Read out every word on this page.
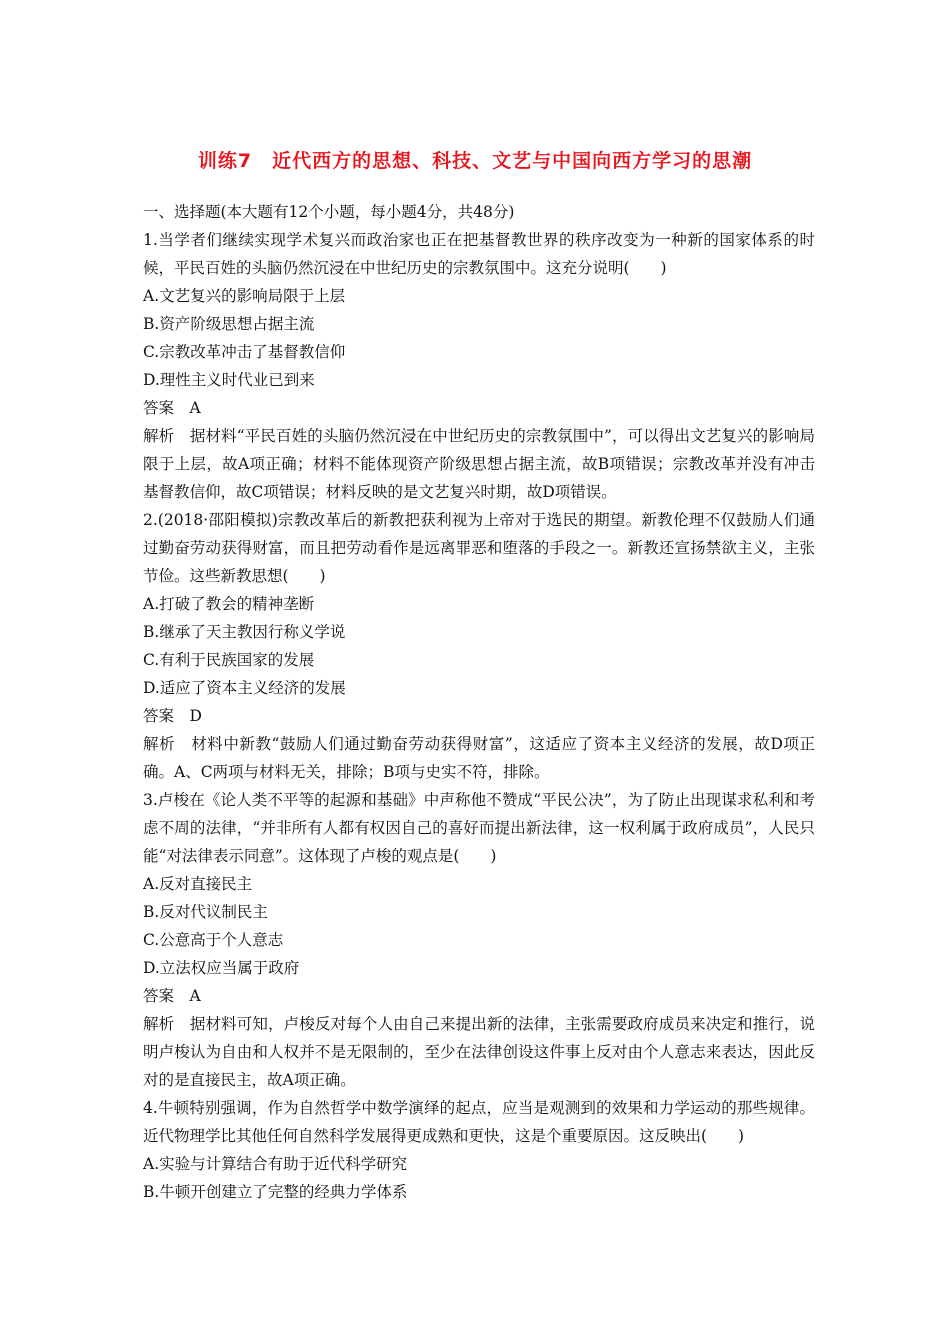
训练7　近代西方的思想、科技、文艺与中国向西方学习的思潮
一、选择题(本大题有12个小题，每小题4分，共48分)
1.当学者们继续实现学术复兴而政治家也正在把基督教世界的秩序改变为一种新的国家体系的时候，平民百姓的头脑仍然沉浸在中世纪历史的宗教氛围中。这充分说明(　　)
A.文艺复兴的影响局限于上层
B.资产阶级思想占据主流
C.宗教改革冲击了基督教信仰
D.理性主义时代业已到来
答案　A
解析　据材料“平民百姓的头脑仍然沉浸在中世纪历史的宗教氛围中”，可以得出文艺复兴的影响局限于上层，故A项正确；材料不能体现资产阶级思想占据主流，故B项错误；宗教改革并没有冲击基督教信仰，故C项错误；材料反映的是文艺复兴时期，故D项错误。
2.(2018·邵阳模拟)宗教改革后的新教把获利视为上帝对于选民的期望。新教伦理不仅鼓励人们通过勤奋劳动获得财富，而且把劳动看作是远离罪恶和堕落的手段之一。新教还宣扬禁欲主义，主张节俭。这些新教思想(　　)
A.打破了教会的精神垄断
B.继承了天主教因行称义学说
C.有利于民族国家的发展
D.适应了资本主义经济的发展
答案　D
解析　材料中新教“鼓励人们通过勤奋劳动获得财富”，这适应了资本主义经济的发展，故D项正确。A、C两项与材料无关，排除；B项与史实不符，排除。
3.卢梭在《论人类不平等的起源和基础》中声称他不赞成“平民公决”，为了防止出现谋求私利和考虑不周的法律，“并非所有人都有权因自己的喜好而提出新法律，这一权利属于政府成员”，人民只能“对法律表示同意”。这体现了卢梭的观点是(　　)
A.反对直接民主
B.反对代议制民主
C.公意高于个人意志
D.立法权应当属于政府
答案　A
解析　据材料可知，卢梭反对每个人由自己来提出新的法律，主张需要政府成员来决定和推行，说明卢梭认为自由和人权并不是无限制的，至少在法律创设这件事上反对由个人意志来表达，因此反对的是直接民主，故A项正确。
4.牛顿特别强调，作为自然哲学中数学演绎的起点，应当是观测到的效果和力学运动的那些规律。近代物理学比其他任何自然科学发展得更成熟和更快，这是个重要原因。这反映出(　　)
A.实验与计算结合有助于近代科学研究
B.牛顿开创建立了完整的经典力学体系
